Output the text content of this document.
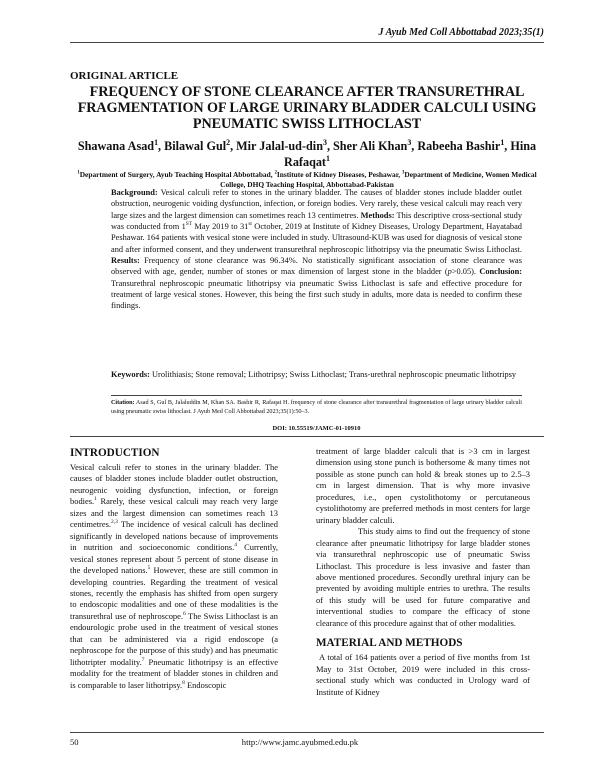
J Ayub Med Coll Abbottabad 2023;35(1)
ORIGINAL ARTICLE
FREQUENCY OF STONE CLEARANCE AFTER TRANSURETHRAL FRAGMENTATION OF LARGE URINARY BLADDER CALCULI USING PNEUMATIC SWISS LITHOCLAST
Shawana Asad$^1$, Bilawal Gul$^2$, Mir Jalal-ud-din$^3$, Sher Ali Khan$^3$, Rabeeha Bashir$^1$, Hina Rafaqat$^1$
$^1$Department of Surgery, Ayub Teaching Hospital Abbottabad, $^2$Institute of Kidney Diseases, Peshawar, $^3$Department of Medicine, Women Medical College, DHQ Teaching Hospital, Abbottabad-Pakistan

Background: Vesical calculi refer to stones in the urinary bladder. The causes of bladder stones include bladder outlet obstruction, neurogenic voiding dysfunction, infection, or foreign bodies. Very rarely, these vesical calculi may reach very large sizes and the largest dimension can sometimes reach 13 centimetres. Methods: This descriptive cross-sectional study was conducted from 1ST May 2019 to 31st October, 2019 at Institute of Kidney Diseases, Urology Department, Hayatabad Peshawar. 164 patients with vesical stone were included in study. Ultrasound-KUB was used for diagnosis of vesical stone and after informed consent, and they underwent transurethral nephroscopic lithotripsy via the pneumatic Swiss Lithoclast. Results: Frequency of stone clearance was 96.34%. No statistically significant association of stone clearance was observed with age, gender, number of stones or max dimension of largest stone in the bladder (p>0.05). Conclusion: Transurethral nephroscopic pneumatic lithotripsy via pneumatic Swiss Lithoclast is safe and effective procedure for treatment of large vesical stones. However, this being the first such study in adults, more data is needed to confirm these findings.

Keywords: Urolithiasis; Stone removal; Lithotripsy; Swiss Lithoclast; Trans-urethral nephroscopic pneumatic lithotripsy
Citation: Asad S, Gul B, Jalaluddin M, Khan SA. Bashir R, Rafaqat H. frequency of stone clearance after transurethral fragmentation of large urinary bladder calculi using pneumatic swiss lithoclast. J Ayub Med Coll Abbottabad 2023;35(1):50–3.
DOI: 10.55519/JAMC-01-10910
INTRODUCTION

Vesical calculi refer to stones in the urinary bladder. The causes of bladder stones include bladder outlet obstruction, neurogenic voiding dysfunction, infection, or foreign bodies.$^1$ Rarely, these vesical calculi may reach very large sizes and the largest dimension can sometimes reach 13 centimetres.$^{2,3}$ The incidence of vesical calculi has declined significantly in developed nations because of improvements in nutrition and socioeconomic conditions.$^4$ Currently, vesical stones represent about 5 percent of stone disease in the developed nations.$^5$ However, these are still common in developing countries. Regarding the treatment of vesical stones, recently the emphasis has shifted from open surgery to endoscopic modalities and one of these modalities is the transurethral use of nephroscope.$^6$ The Swiss Lithoclast is an endourologic probe used in the treatment of vesical stones that can be administered via a rigid endoscope (a nephroscope for the purpose of this study) and has pneumatic lithotripter modality.$^7$ Pneumatic lithotripsy is an effective modality for the treatment of bladder stones in children and is comparable to laser lithotripsy.$^8$ Endoscopic

treatment of large bladder calculi that is >3 cm in largest dimension using stone punch is bothersome & many times not possible as stone punch can hold & break stones up to 2.5–3 cm in largest dimension. That is why more invasive procedures, i.e., open cystolithotomy or percutaneous cystolithotomy are preferred methods in most centers for large urinary bladder calculi.

This study aims to find out the frequency of stone clearance after pneumatic lithotripsy for large bladder stones via transurethral nephroscopic use of pneumatic Swiss Lithoclast. This procedure is less invasive and faster than above mentioned procedures. Secondly urethral injury can be prevented by avoiding multiple entries to urethra. The results of this study will be used for future comparative and interventional studies to compare the efficacy of stone clearance of this procedure against that of other modalities.

MATERIAL AND METHODS

A total of 164 patients over a period of five months from 1st May to 31st October, 2019 were included in this cross-sectional study which was conducted in Urology ward of Institute of Kidney

50	http://www.jamc.ayubmed.edu.pk
